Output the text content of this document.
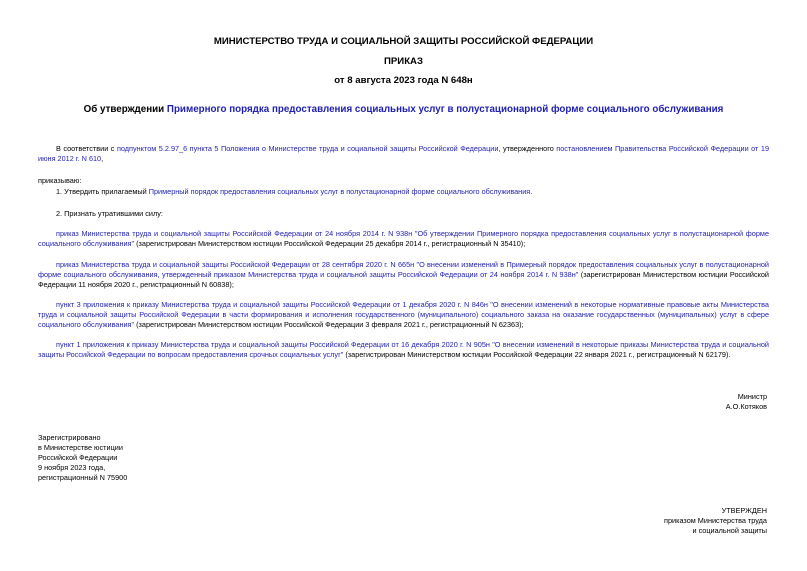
МИНИСТЕРСТВО ТРУДА И СОЦИАЛЬНОЙ ЗАЩИТЫ РОССИЙСКОЙ ФЕДЕРАЦИИ
ПРИКАЗ
от 8 августа 2023 года N 648н
Об утверждении Примерного порядка предоставления социальных услуг в полустационарной форме социального обслуживания
В соответствии с подпунктом 5.2.97_6 пункта 5 Положения о Министерстве труда и социальной защиты Российской Федерации, утвержденного постановлением Правительства Российской Федерации от 19 июня 2012 г. N 610,
приказываю:
1. Утвердить прилагаемый Примерный порядок предоставления социальных услуг в полустационарной форме социального обслуживания.
2. Признать утратившими силу:
приказ Министерства труда и социальной защиты Российской Федерации от 24 ноября 2014 г. N 938н "Об утверждении Примерного порядка предоставления социальных услуг в полустационарной форме социального обслуживания" (зарегистрирован Министерством юстиции Российской Федерации 25 декабря 2014 г., регистрационный N 35410);
приказ Министерства труда и социальной защиты Российской Федерации от 28 сентября 2020 г. N 665н "О внесении изменений в Примерный порядок предоставления социальных услуг в полустационарной форме социального обслуживания, утвержденный приказом Министерства труда и социальной защиты Российской Федерации от 24 ноября 2014 г. N 938н" (зарегистрирован Министерством юстиции Российской Федерации 11 ноября 2020 г., регистрационный N 60838);
пункт 3 приложения к приказу Министерства труда и социальной защиты Российской Федерации от 1 декабря 2020 г. N 846н "О внесении изменений в некоторые нормативные правовые акты Министерства труда и социальной защиты Российской Федерации в части формирования и исполнения государственного (муниципального) социального заказа на оказание государственных (муниципальных) услуг в сфере социального обслуживания" (зарегистрирован Министерством юстиции Российской Федерации 3 февраля 2021 г., регистрационный N 62363);
пункт 1 приложения к приказу Министерства труда и социальной защиты Российской Федерации от 16 декабря 2020 г. N 905н "О внесении изменений в некоторые приказы Министерства труда и социальной защиты Российской Федерации по вопросам предоставления срочных социальных услуг" (зарегистрирован Министерством юстиции Российской Федерации 22 января 2021 г., регистрационный N 62179).
Министр
А.О.Котяков
Зарегистрировано
в Министерстве юстиции
Российской Федерации
9 ноября 2023 года,
регистрационный N 75900
УТВЕРЖДЕН
приказом Министерства труда
и социальной защиты
